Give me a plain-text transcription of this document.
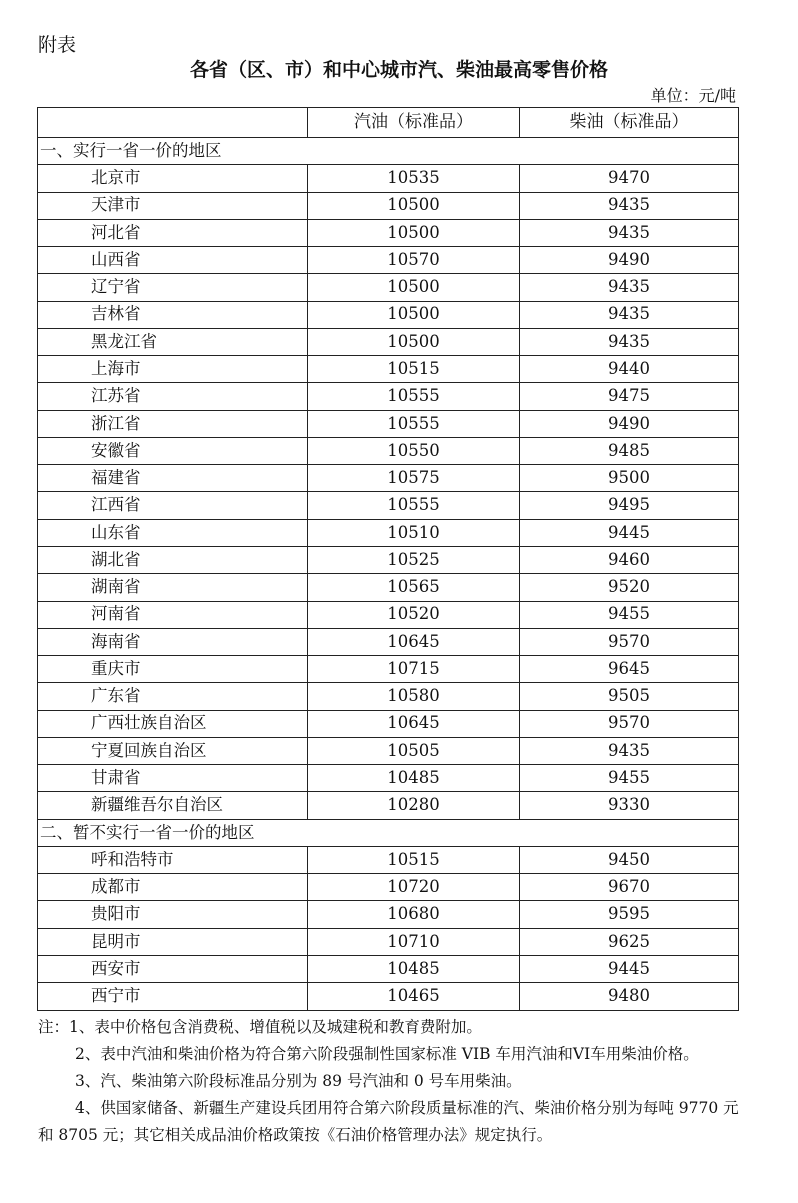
附表
各省（区、市）和中心城市汽、柴油最高零售价格
单位：元/吨
	汽油（标准品）	柴油（标准品）
一、实行一省一价的地区		
北京市	10535	9470
天津市	10500	9435
河北省	10500	9435
山西省	10570	9490
辽宁省	10500	9435
吉林省	10500	9435
黑龙江省	10500	9435
上海市	10515	9440
江苏省	10555	9475
浙江省	10555	9490
安徽省	10550	9485
福建省	10575	9500
江西省	10555	9495
山东省	10510	9445
湖北省	10525	9460
湖南省	10565	9520
河南省	10520	9455
海南省	10645	9570
重庆市	10715	9645
广东省	10580	9505
广西壮族自治区	10645	9570
宁夏回族自治区	10505	9435
甘肃省	10485	9455
新疆维吾尔自治区	10280	9330
二、暂不实行一省一价的地区		
呼和浩特市	10515	9450
成都市	10720	9670
贵阳市	10680	9595
昆明市	10710	9625
西安市	10485	9445
西宁市	10465	9480

注：1、表中价格包含消费税、增值税以及城建税和教育费附加。

2、表中汽油和柴油价格为符合第六阶段强制性国家标准 VIB 车用汽油和VI车用柴油价格。

3、汽、柴油第六阶段标准品分别为 89 号汽油和 0 号车用柴油。

4、供国家储备、新疆生产建设兵团用符合第六阶段质量标准的汽、柴油价格分别为每吨 9770 元和 8705 元；其它相关成品油价格政策按《石油价格管理办法》规定执行。
